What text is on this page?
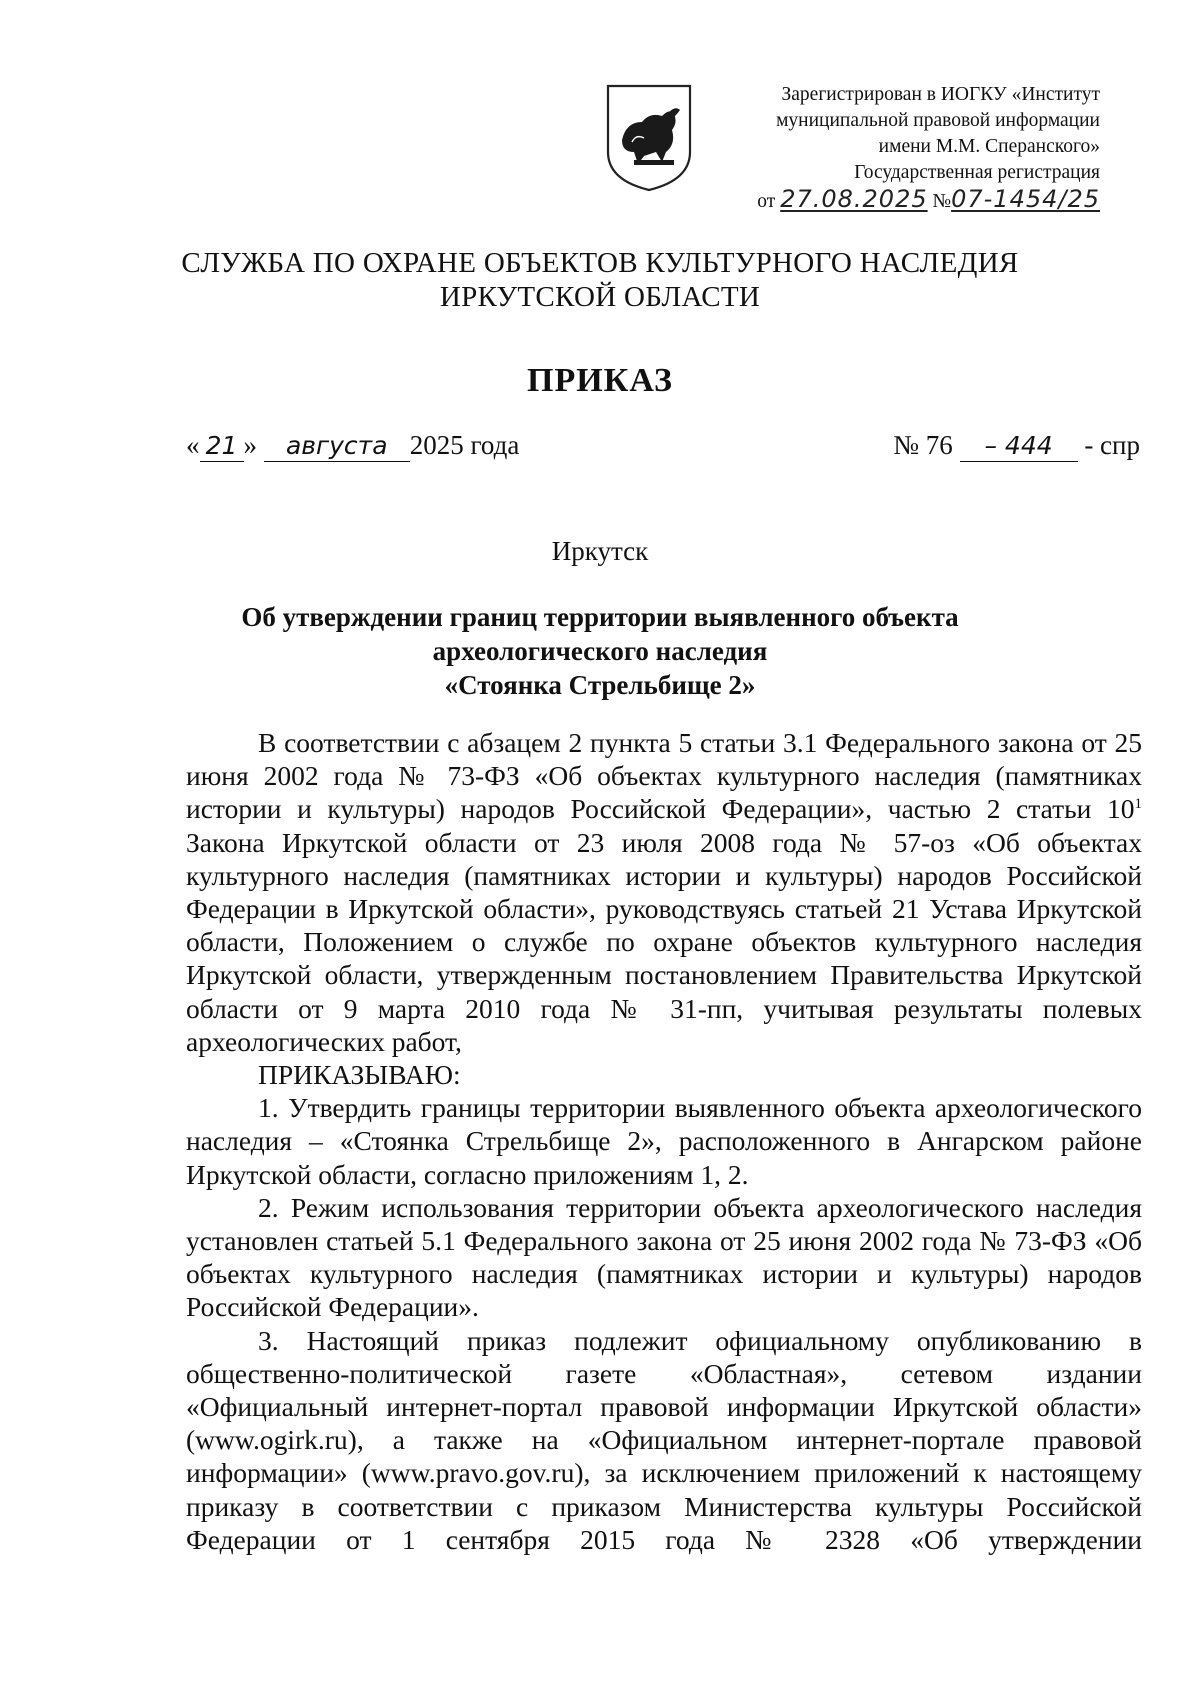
Зарегистрирован в ИОГКУ «Институт
муниципальной правовой информации
имени М.М. Сперанского»
Государственная регистрация
от 27.08.2025 №07-1454/25
СЛУЖБА ПО ОХРАНЕ ОБЪЕКТОВ КУЛЬТУРНОГО НАСЛЕДИЯ
ИРКУТСКОЙ ОБЛАСТИ
ПРИКАЗ
« 21 » августа 2025 года	№ 76 – 444 - спр
Иркутск
Об утверждении границ территории выявленного объекта
археологического наследия
«Стоянка Стрельбище 2»

В соответствии с абзацем 2 пункта 5 статьи 3.1 Федерального закона от 25 июня 2002 года № 73-ФЗ «Об объектах культурного наследия (памятниках истории и культуры) народов Российской Федерации», частью 2 статьи $10^1$ Закона Иркутской области от 23 июля 2008 года № 57-оз «Об объектах культурного наследия (памятниках истории и культуры) народов Российской Федерации в Иркутской области», руководствуясь статьей 21 Устава Иркутской области, Положением о службе по охране объектов культурного наследия Иркутской области, утвержденным постановлением Правительства Иркутской области от 9 марта 2010 года № 31-пп, учитывая результаты полевых археологических работ,

ПРИКАЗЫВАЮ:

1. Утвердить границы территории выявленного объекта археологического наследия – «Стоянка Стрельбище 2», расположенного в Ангарском районе Иркутской области, согласно приложениям 1, 2.

2. Режим использования территории объекта археологического наследия установлен статьей 5.1 Федерального закона от 25 июня 2002 года № 73-ФЗ «Об объектах культурного наследия (памятниках истории и культуры) народов Российской Федерации».

3. Настоящий приказ подлежит официальному опубликованию в общественно-политической газете «Областная», сетевом издании «Официальный интернет-портал правовой информации Иркутской области» (www.ogirk.ru), а также на «Официальном интернет-портале правовой информации» (www.pravo.gov.ru), за исключением приложений к настоящему приказу в соответствии с приказом Министерства культуры Российской Федерации от 1 сентября 2015 года № 2328 «Об утверждении
